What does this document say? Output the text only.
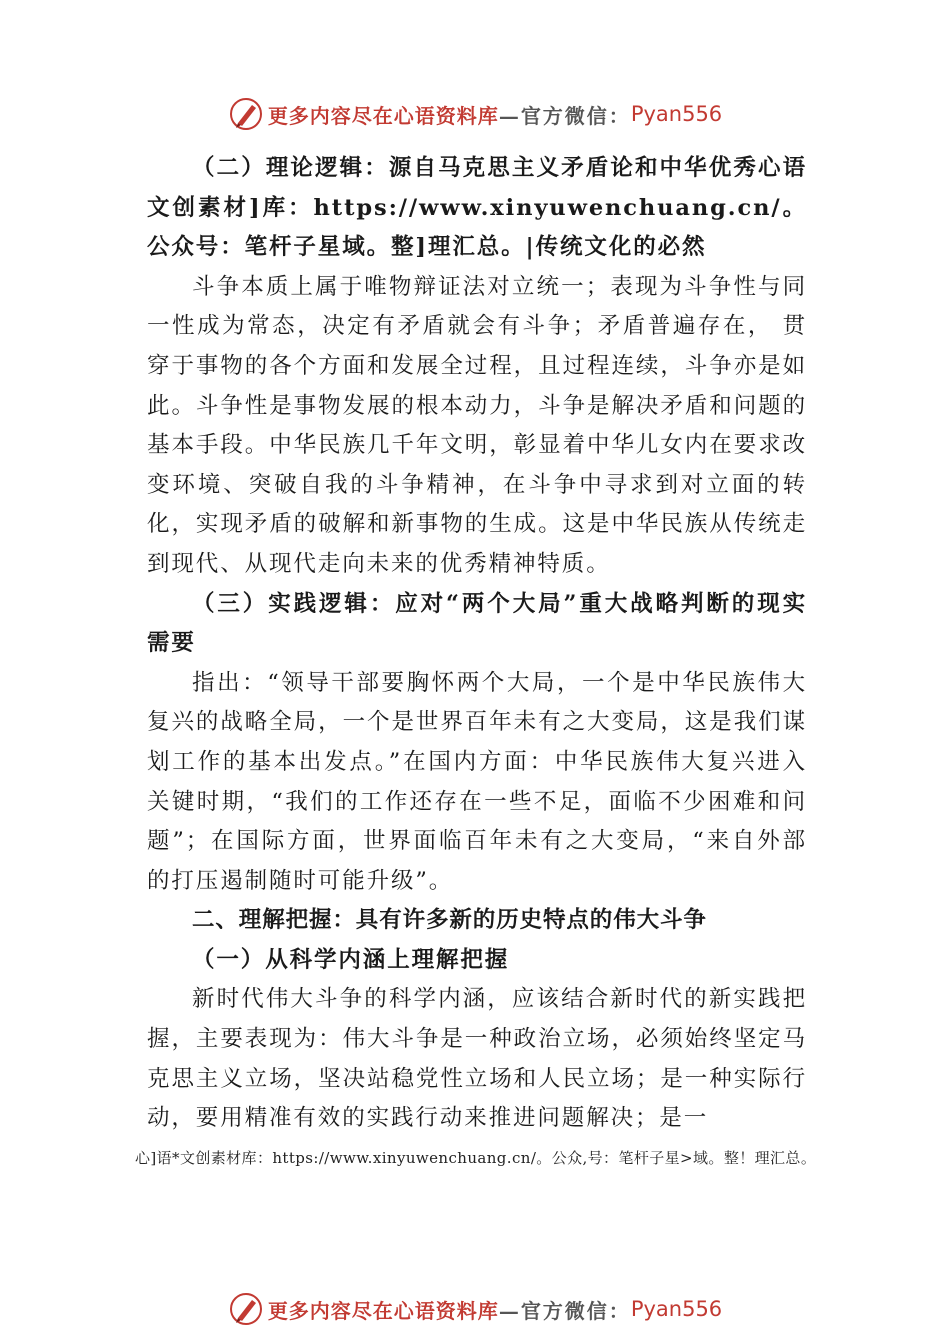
更多内容尽在心语资料库 —官方微信： Pyan556

（二）理论逻辑：源自马克思主义矛盾论和中华优秀心语文创素材]库：https://www.xinyuwenchuang.cn/。公众号：笔杆子星域。整]理汇总。|传统文化的必然

斗争本质上属于唯物辩证法对立统一；表现为斗争性与同一性成为常态，决定有矛盾就会有斗争；矛盾普遍存在， 贯穿于事物的各个方面和发展全过程，且过程连续，斗争亦是如此。斗争性是事物发展的根本动力，斗争是解决矛盾和问题的基本手段。中华民族几千年文明，彰显着中华儿女内在要求改变环境、突破自我的斗争精神，在斗争中寻求到对立面的转化，实现矛盾的破解和新事物的生成。这是中华民族从传统走到现代、从现代走向未来的优秀精神特质。

（三）实践逻辑：应对“两个大局”重大战略判断的现实需要

指出：“领导干部要胸怀两个大局，一个是中华民族伟大复兴的战略全局，一个是世界百年未有之大变局，这是我们谋划工作的基本出发点。”在国内方面：中华民族伟大复兴进入关键时期，“我们的工作还存在一些不足，面临不少困难和问题”；在国际方面，世界面临百年未有之大变局，“来自外部的打压遏制随时可能升级”。

二、理解把握：具有许多新的历史特点的伟大斗争

（一）从科学内涵上理解把握

新时代伟大斗争的科学内涵，应该结合新时代的新实践把握，主要表现为：伟大斗争是一种政治立场，必须始终坚定马克思主义立场，坚决站稳党性立场和人民立场；是一种实际行动，要用精准有效的实践行动来推进问题解决；是一

心]语*文创素材库：https://www.xinyuwenchuang.cn/。公众,号：笔杆子星>域。整！理汇总。
更多内容尽在心语资料库 —官方微信： Pyan556
